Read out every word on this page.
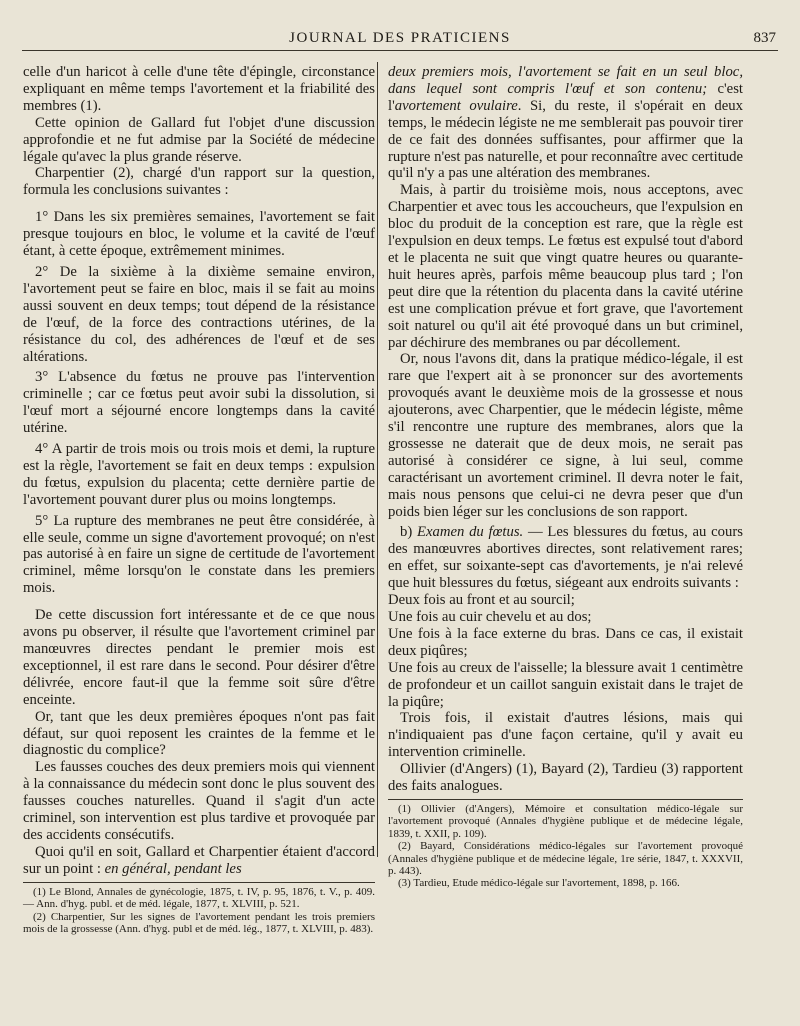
JOURNAL DES PRATICIENS	837

celle d'un haricot à celle d'une tête d'épingle, circonstance expliquant en même temps l'avortement et la friabilité des membres (1).

Cette opinion de Gallard fut l'objet d'une discussion approfondie et ne fut admise par la Société de médecine légale qu'avec la plus grande réserve.

Charpentier (2), chargé d'un rapport sur la question, formula les conclusions suivantes :

1° Dans les six premières semaines, l'avortement se fait presque toujours en bloc, le volume et la cavité de l'œuf étant, à cette époque, extrêmement minimes.

2° De la sixième à la dixième semaine environ, l'avortement peut se faire en bloc, mais il se fait au moins aussi souvent en deux temps; tout dépend de la résistance de l'œuf, de la force des contractions utérines, de la résistance du col, des adhérences de l'œuf et de ses altérations.

3° L'absence du fœtus ne prouve pas l'intervention criminelle ; car ce fœtus peut avoir subi la dissolution, si l'œuf mort a séjourné encore longtemps dans la cavité utérine.

4° A partir de trois mois ou trois mois et demi, la rupture est la règle, l'avortement se fait en deux temps : expulsion du fœtus, expulsion du placenta; cette dernière partie de l'avortement pouvant durer plus ou moins longtemps.

5° La rupture des membranes ne peut être considérée, à elle seule, comme un signe d'avortement provoqué; on n'est pas autorisé à en faire un signe de certitude de l'avortement criminel, même lorsqu'on le constate dans les premiers mois.

De cette discussion fort intéressante et de ce que nous avons pu observer, il résulte que l'avortement criminel par manœuvres directes pendant le premier mois est exceptionnel, il est rare dans le second. Pour désirer d'être délivrée, encore faut-il que la femme soit sûre d'être enceinte.

Or, tant que les deux premières époques n'ont pas fait défaut, sur quoi reposent les craintes de la femme et le diagnostic du complice?

Les fausses couches des deux premiers mois qui viennent à la connaissance du médecin sont donc le plus souvent des fausses couches naturelles. Quand il s'agit d'un acte criminel, son intervention est plus tardive et provoquée par des accidents consécutifs.

Quoi qu'il en soit, Gallard et Charpentier étaient d'accord sur un point : en général, pendant les

(1) Le Blond, Annales de gynécologie, 1875, t. IV, p. 95, 1876, t. V., p. 409. — Ann. d'hyg. publ. et de méd. légale, 1877, t. XLVIII, p. 521.

(2) Charpentier, Sur les signes de l'avortement pendant les trois premiers mois de la grossesse (Ann. d'hyg. publ et de méd. lég., 1877, t. XLVIII, p. 483).

deux premiers mois, l'avortement se fait en un seul bloc, dans lequel sont compris l'œuf et son contenu; c'est l'avortement ovulaire. Si, du reste, il s'opérait en deux temps, le médecin légiste ne me semblerait pas pouvoir tirer de ce fait des données suffisantes, pour affirmer que la rupture n'est pas naturelle, et pour reconnaître avec certitude qu'il n'y a pas une altération des membranes.

Mais, à partir du troisième mois, nous acceptons, avec Charpentier et avec tous les accoucheurs, que l'expulsion en bloc du produit de la conception est rare, que la règle est l'expulsion en deux temps. Le fœtus est expulsé tout d'abord et le placenta ne suit que vingt quatre heures ou quarante-huit heures après, parfois même beaucoup plus tard ; l'on peut dire que la rétention du placenta dans la cavité utérine est une complication prévue et fort grave, que l'avortement soit naturel ou qu'il ait été provoqué dans un but criminel, par déchirure des membranes ou par décollement.

Or, nous l'avons dit, dans la pratique médico-légale, il est rare que l'expert ait à se prononcer sur des avortements provoqués avant le deuxième mois de la grossesse et nous ajouterons, avec Charpentier, que le médecin légiste, même s'il rencontre une rupture des membranes, alors que la grossesse ne daterait que de deux mois, ne serait pas autorisé à considérer ce signe, à lui seul, comme caractérisant un avortement criminel. Il devra noter le fait, mais nous pensons que celui-ci ne devra peser que d'un poids bien léger sur les conclusions de son rapport.

b) Examen du fœtus. — Les blessures du fœtus, au cours des manœuvres abortives directes, sont relativement rares; en effet, sur soixante-sept cas d'avortements, je n'ai relevé que huit blessures du fœtus, siégeant aux endroits suivants :

Deux fois au front et au sourcil;

Une fois au cuir chevelu et au dos;

Une fois à la face externe du bras. Dans ce cas, il existait deux piqûres;

Une fois au creux de l'aisselle; la blessure avait 1 centimètre de profondeur et un caillot sanguin existait dans le trajet de la piqûre;

Trois fois, il existait d'autres lésions, mais qui n'indiquaient pas d'une façon certaine, qu'il y avait eu intervention criminelle.

Ollivier (d'Angers) (1), Bayard (2), Tardieu (3) rapportent des faits analogues.

(1) Ollivier (d'Angers), Mémoire et consultation médico-légale sur l'avortement provoqué (Annales d'hygiène publique et de médecine légale, 1839, t. XXII, p. 109).

(2) Bayard, Considérations médico-légales sur l'avortement provoqué (Annales d'hygiène publique et de médecine légale, 1re série, 1847, t. XXXVII, p. 443).

(3) Tardieu, Etude médico-légale sur l'avortement, 1898, p. 166.
